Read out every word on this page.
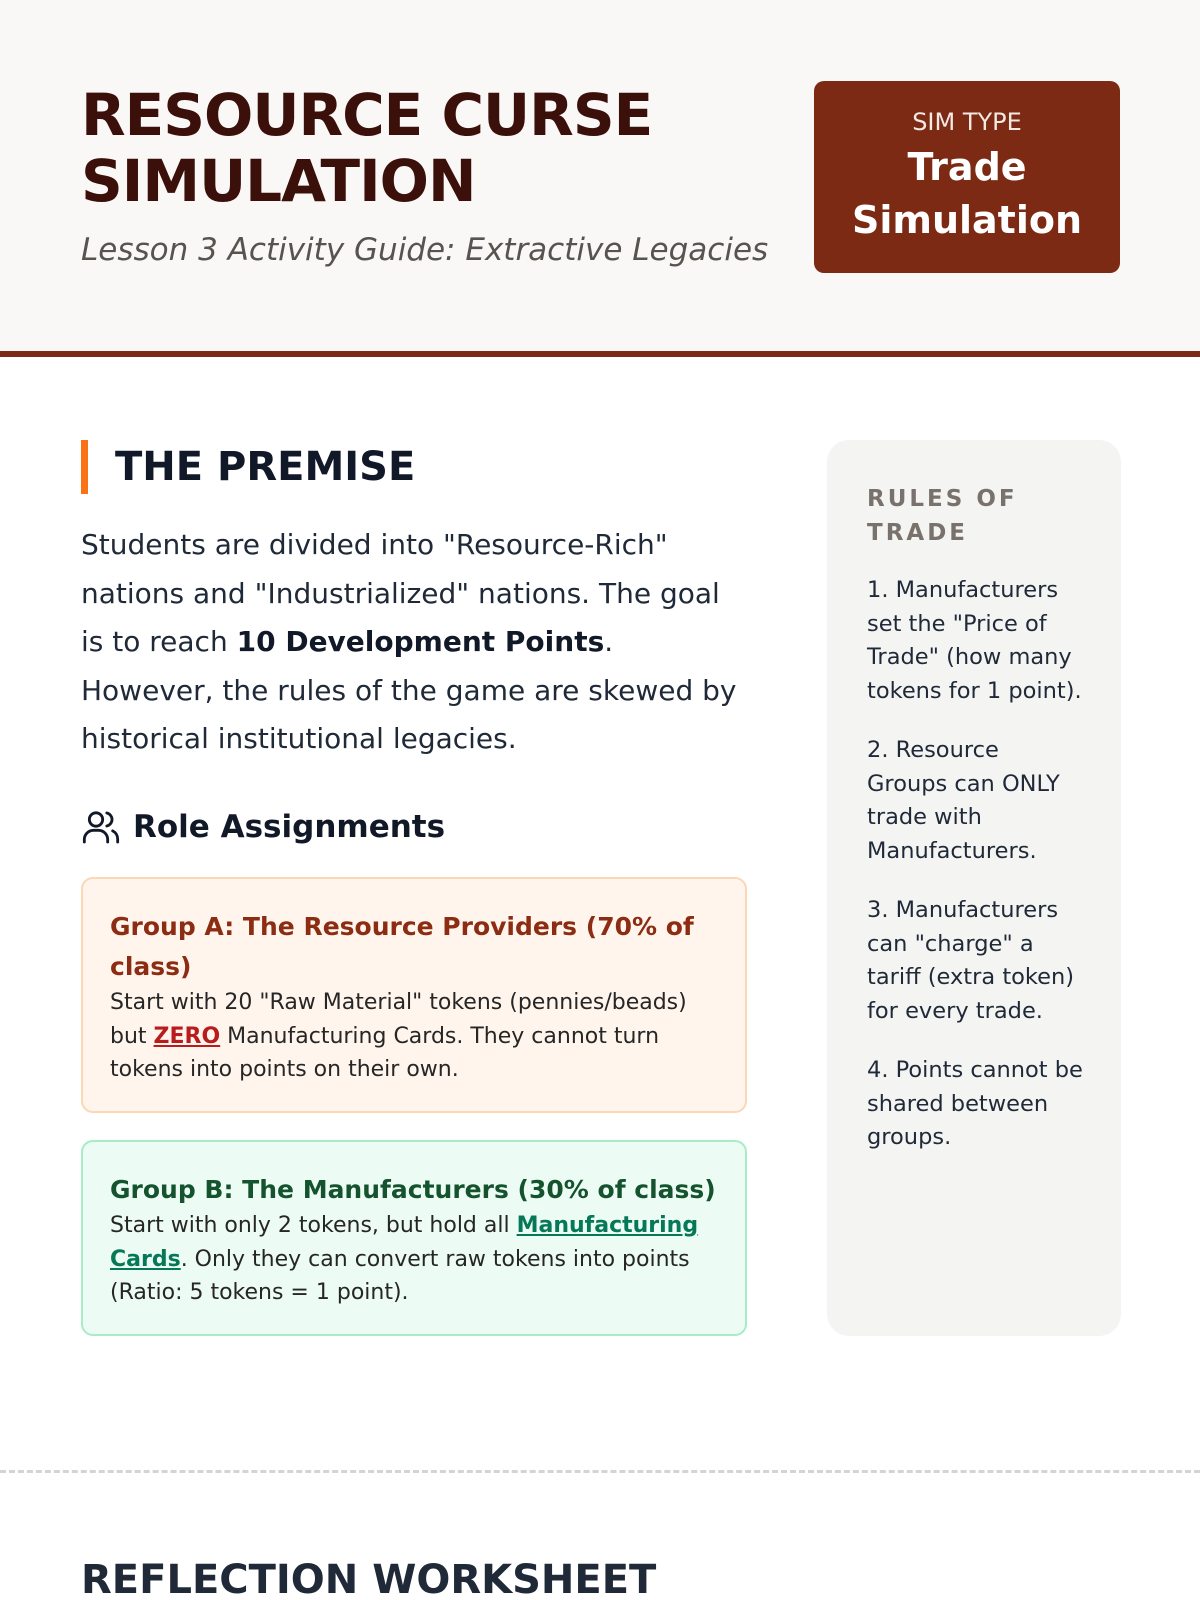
RESOURCE CURSE SIMULATION
Lesson 3 Activity Guide: Extractive Legacies
SIM TYPE
Trade Simulation
THE PREMISE

Students are divided into "Resource-Rich" nations and "Industrialized" nations. The goal is to reach 10 Development Points. However, the rules of the game are skewed by historical institutional legacies.

Role Assignments
Group A: The Resource Providers (70% of class)
Start with 20 "Raw Material" tokens (pennies/beads) but ZERO Manufacturing Cards. They cannot turn tokens into points on their own.
Group B: The Manufacturers (30% of class)
Start with only 2 tokens, but hold all Manufacturing Cards. Only they can convert raw tokens into points (Ratio: 5 tokens = 1 point).
RULES OF TRADE
1. Manufacturers set the "Price of Trade" (how many tokens for 1 point).
2. Resource Groups can ONLY trade with Manufacturers.
3. Manufacturers can "charge" a tariff (extra token) for every trade.
4. Points cannot be shared between groups.
REFLECTION WORKSHEET
